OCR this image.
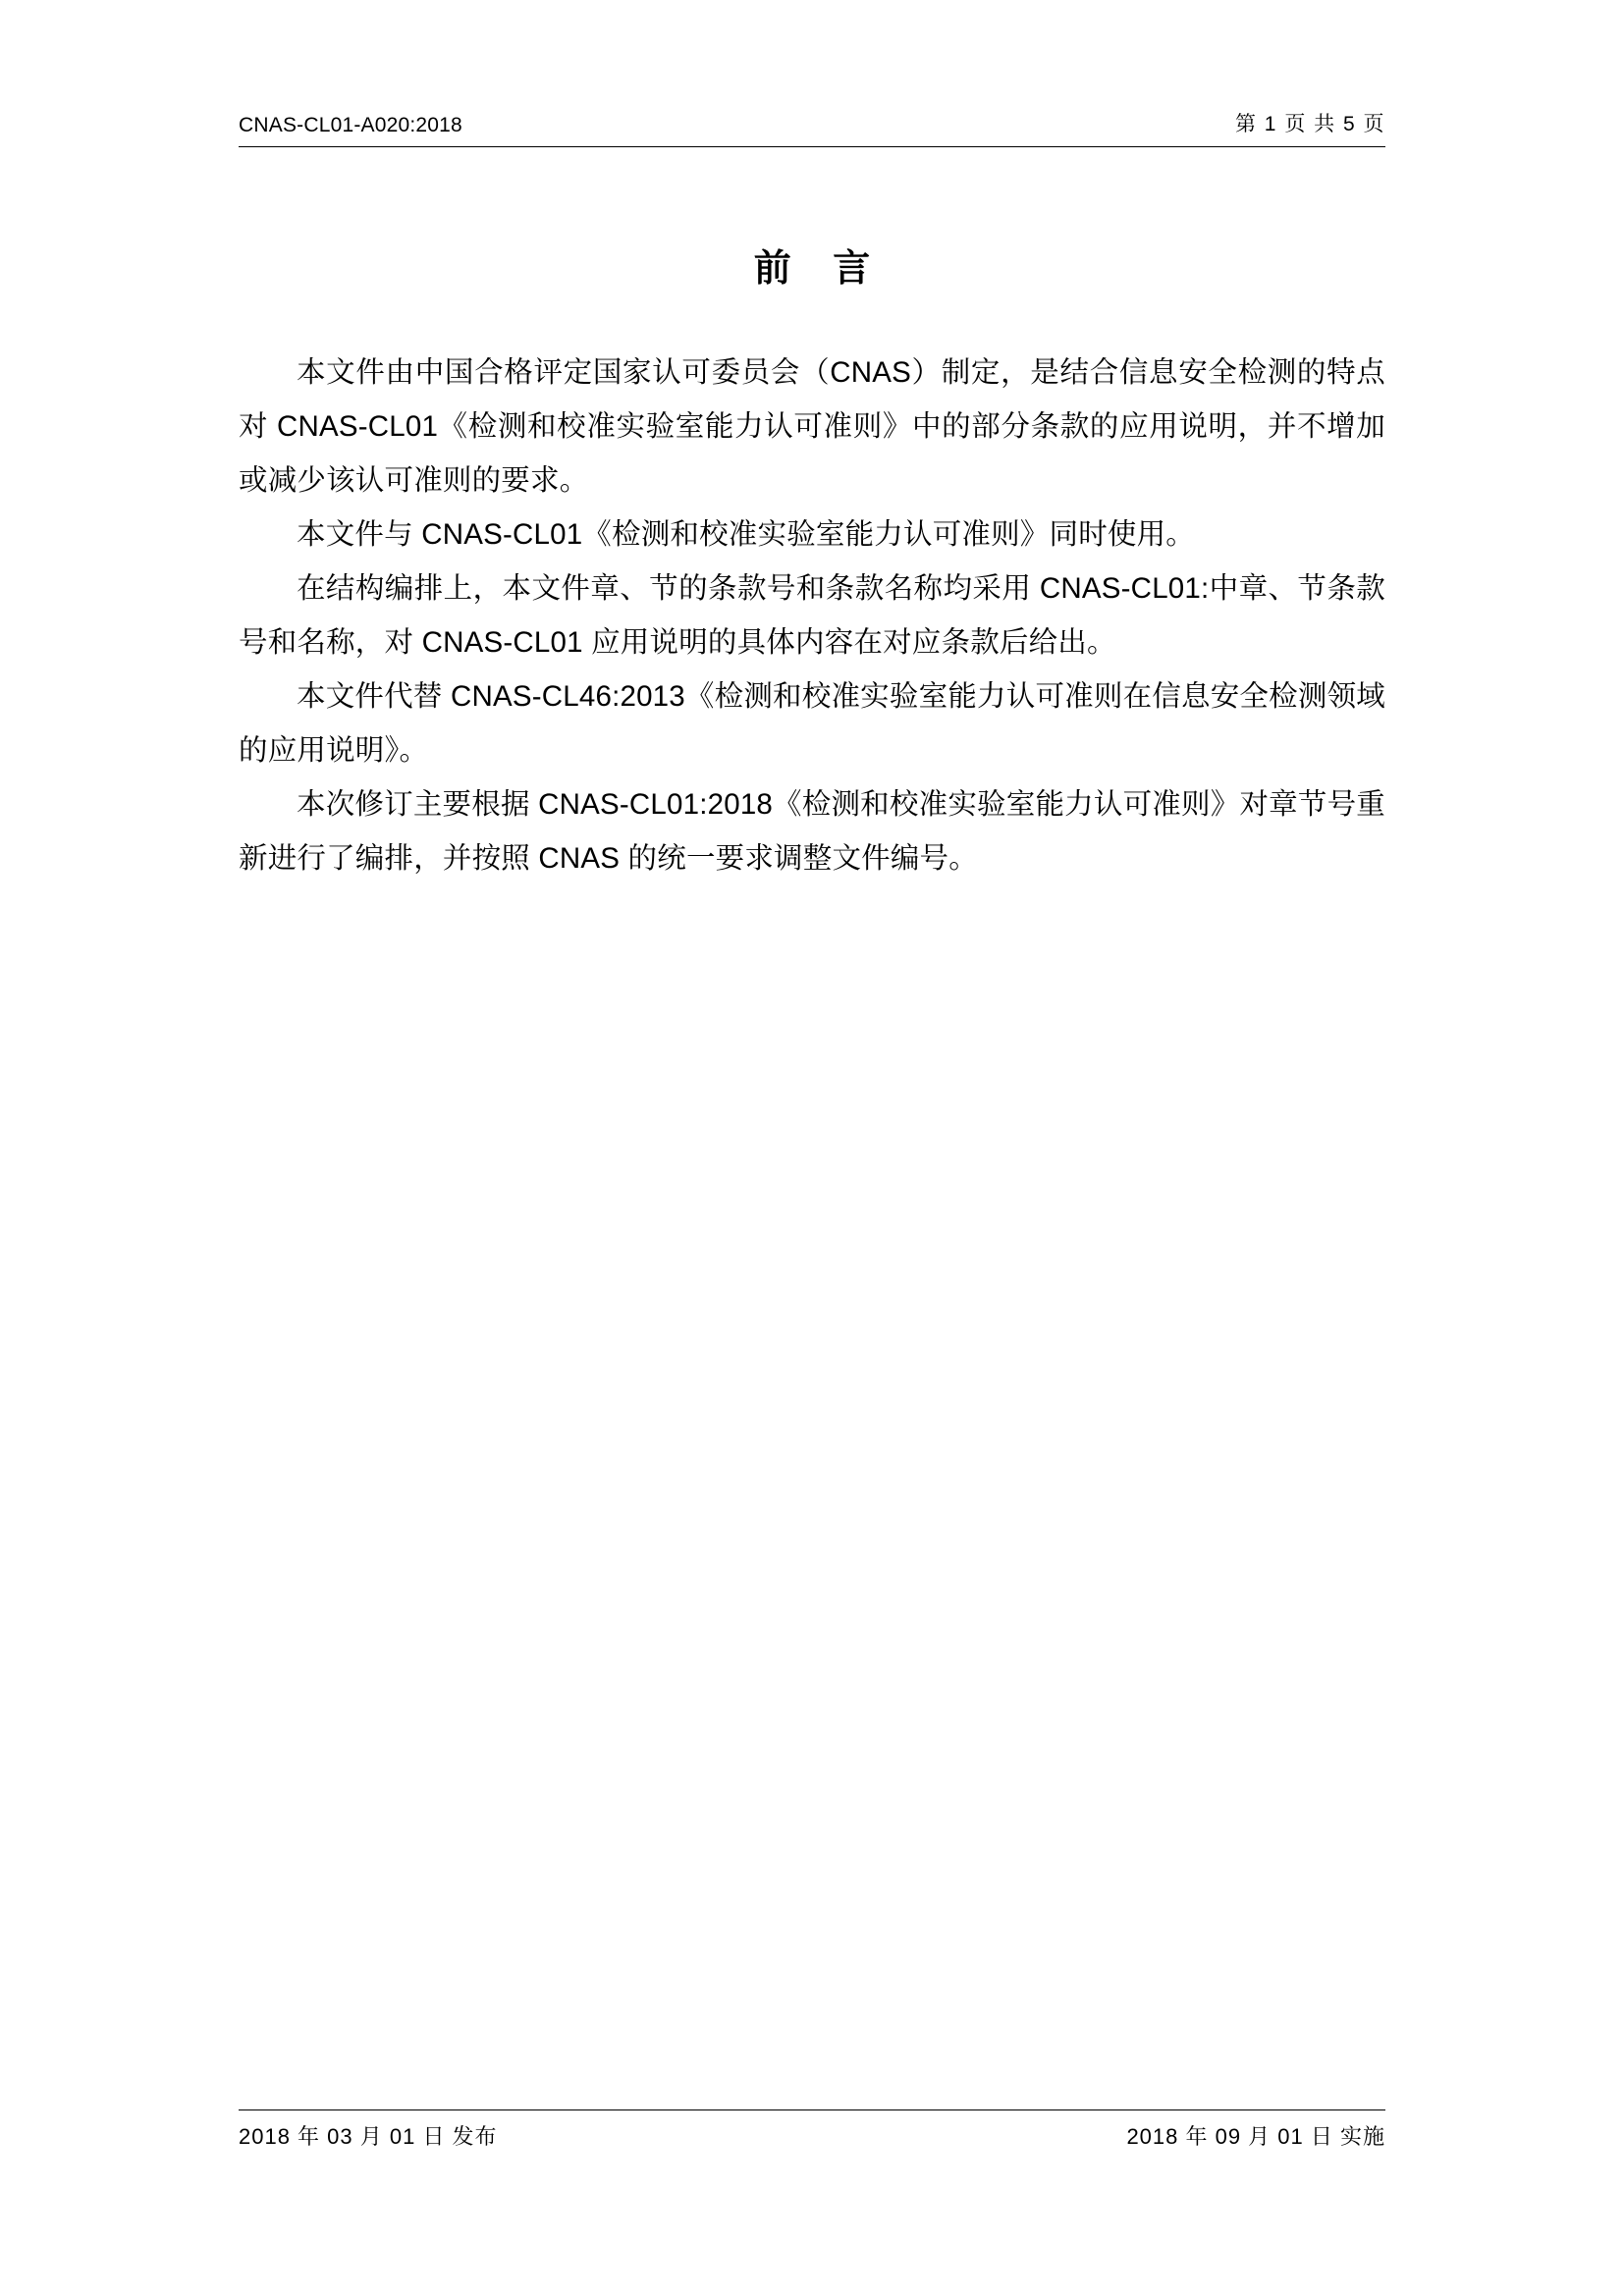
CNAS-CL01-A020:2018	第 1 页 共 5 页
前 言

本文件由中国合格评定国家认可委员会（CNAS）制定，是结合信息安全检测的特点对 CNAS-CL01《检测和校准实验室能力认可准则》中的部分条款的应用说明，并不增加或减少该认可准则的要求。

本文件与 CNAS-CL01《检测和校准实验室能力认可准则》同时使用。

在结构编排上，本文件章、节的条款号和条款名称均采用 CNAS-CL01:中章、节条款号和名称，对 CNAS-CL01 应用说明的具体内容在对应条款后给出。

本文件代替 CNAS-CL46:2013《检测和校准实验室能力认可准则在信息安全检测领域的应用说明》。

本次修订主要根据 CNAS-CL01:2018《检测和校准实验室能力认可准则》对章节号重新进行了编排，并按照 CNAS 的统一要求调整文件编号。

2018 年 03 月 01 日 发布	2018 年 09 月 01 日 实施
